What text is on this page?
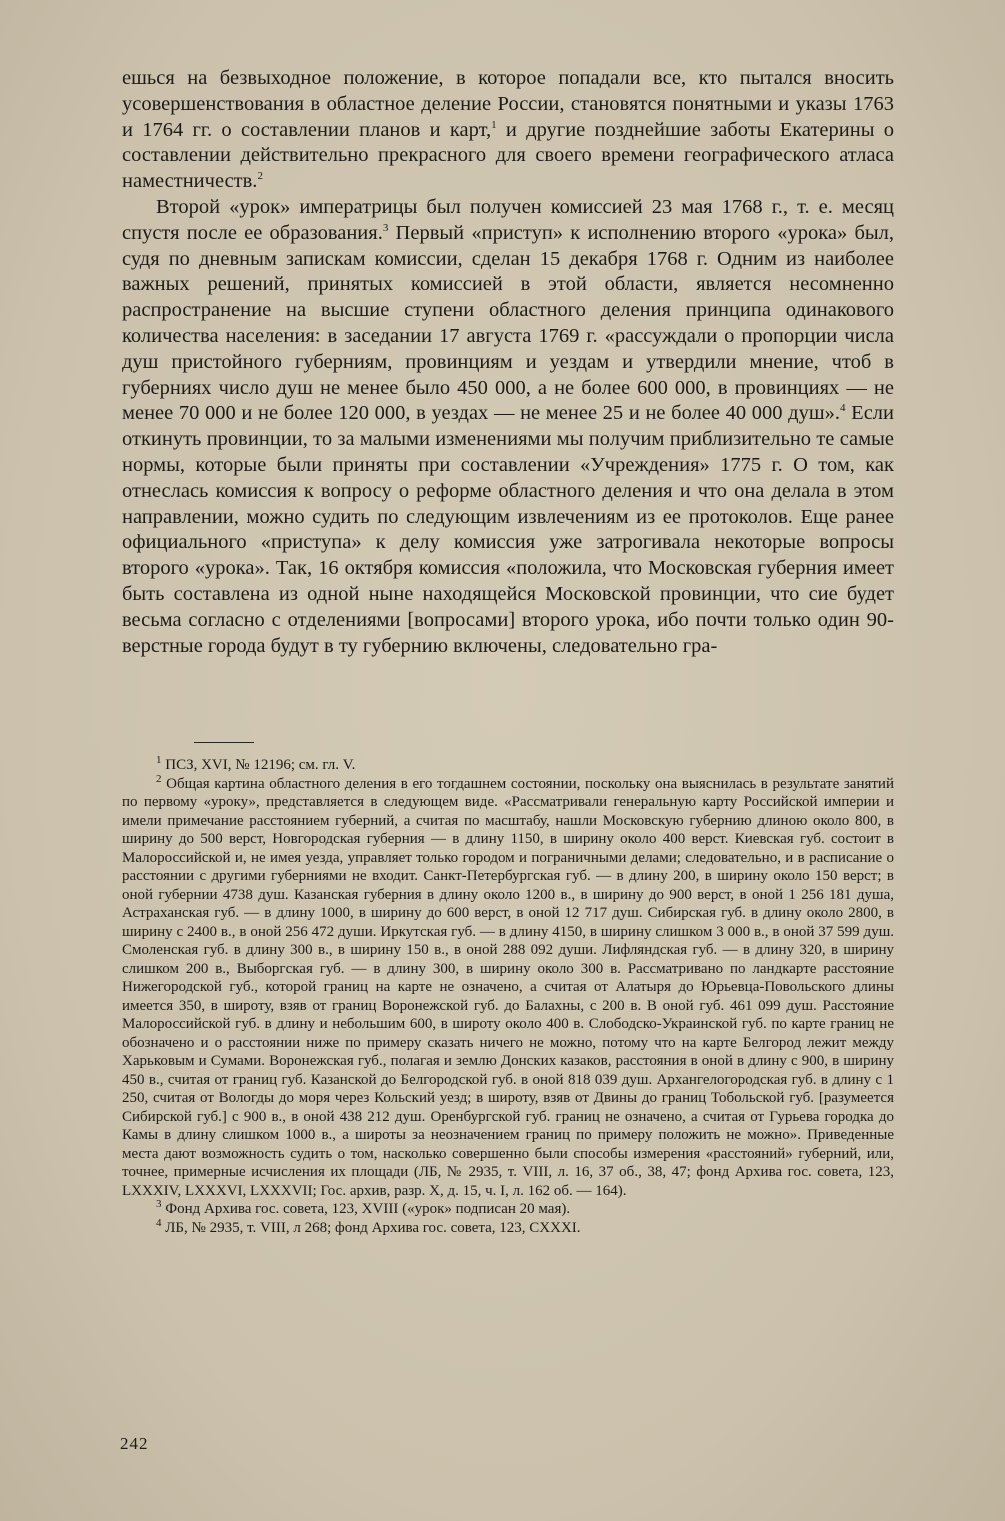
ешься на безвыходное положение, в которое попадали все, кто пытался вносить усовершенствования в областное деление России, становятся понятными и указы 1763 и 1764 гг. о составлении планов и карт,$^1$ и другие позднейшие заботы Екатерины о составлении действительно прекрасного для своего времени географического атласа наместничеств.$^2$

Второй «урок» императрицы был получен комиссией 23 мая 1768 г., т. е. месяц спустя после ее образования.$^3$ Первый «приступ» к исполнению второго «урока» был, судя по дневным запискам комиссии, сделан 15 декабря 1768 г. Одним из наиболее важных решений, принятых комиссией в этой области, является несомненно распространение на высшие ступени областного деления принципа одинакового количества населения: в заседании 17 августа 1769 г. «рассуждали о пропорции числа душ пристойного губерниям, провинциям и уездам и утвердили мнение, чтоб в губерниях число душ не менее было 450 000, а не более 600 000, в провинциях — не менее 70 000 и не более 120 000, в уездах — не менее 25 и не более 40 000 душ».$^4$ Если откинуть провинции, то за малыми изменениями мы получим приблизительно те самые нормы, которые были приняты при составлении «Учреждения» 1775 г. О том, как отнеслась комиссия к вопросу о реформе областного деления и что она делала в этом направлении, можно судить по следующим извлечениям из ее протоколов. Еще ранее официального «приступа» к делу комиссия уже затрогивала некоторые вопросы второго «урока». Так, 16 октября комиссия «положила, что Московская губерния имеет быть составлена из одной ныне находящейся Московской провинции, что сие будет весьма согласно с отделениями [вопросами] второго урока, ибо почти только один 90-верстные города будут в ту губернию включены, следовательно гра-

$^1$ ПСЗ, XVI, № 12196; см. гл. V.

$^2$ Общая картина областного деления в его тогдашнем состоянии, поскольку она выяснилась в результате занятий по первому «уроку», представляется в следующем виде. «Рассматривали генеральную карту Российской империи и имели примечание расстоянием губерний, а считая по масштабу, нашли Московскую губернию длиною около 800, в ширину до 500 верст, Новгородская губерния — в длину 1150, в ширину около 400 верст. Киевская губ. состоит в Малороссийской и, не имея уезда, управляет только городом и пограничными делами; следовательно, и в расписание о расстоянии с другими губерниями не входит. Санкт-Петербургская губ. — в длину 200, в ширину около 150 верст; в оной губернии 4738 душ. Казанская губерния в длину около 1200 в., в ширину до 900 верст, в оной 1 256 181 душа, Астраханская губ. — в длину 1000, в ширину до 600 верст, в оной 12 717 душ. Сибирская губ. в длину около 2800, в ширину с 2400 в., в оной 256 472 души. Иркутская губ. — в длину 4150, в ширину слишком 3 000 в., в оной 37 599 душ. Смоленская губ. в длину 300 в., в ширину 150 в., в оной 288 092 души. Лифляндская губ. — в длину 320, в ширину слишком 200 в., Выборгская губ. — в длину 300, в ширину около 300 в. Рассматривано по ландкарте расстояние Нижегородской губ., которой границ на карте не означено, а считая от Алатыря до Юрьевца-Повольского длины имеется 350, в широту, взяв от границ Воронежской губ. до Балахны, с 200 в. В оной губ. 461 099 душ. Расстояние Малороссийской губ. в длину и небольшим 600, в широту около 400 в. Слободско-Украинской губ. по карте границ не обозначено и о расстоянии ниже по примеру сказать ничего не можно, потому что на карте Белгород лежит между Харьковым и Сумами. Воронежская губ., полагая и землю Донских казаков, расстояния в оной в длину с 900, в ширину 450 в., считая от границ губ. Казанской до Белгородской губ. в оной 818 039 душ. Архангелогородская губ. в длину с 1 250, считая от Вологды до моря через Кольский уезд; в широту, взяв от Двины до границ Тобольской губ. [разумеется Сибирской губ.] с 900 в., в оной 438 212 душ. Оренбургской губ. границ не означено, а считая от Гурьева городка до Камы в длину слишком 1000 в., а широты за неозначением границ по примеру положить не можно». Приведенные места дают возможность судить о том, насколько совершенно были способы измерения «расстояний» губерний, или, точнее, примерные исчисления их площади (ЛБ, № 2935, т. VIII, л. 16, 37 об., 38, 47; фонд Архива гос. совета, 123, LXXXIV, LXXXVI, LXXXVII; Гос. архив, разр. X, д. 15, ч. I, л. 162 об. — 164).

$^3$ Фонд Архива гос. совета, 123, XVIII («урок» подписан 20 мая).

$^4$ ЛБ, № 2935, т. VIII, л 268; фонд Архива гос. совета, 123, CXXXI.

242
